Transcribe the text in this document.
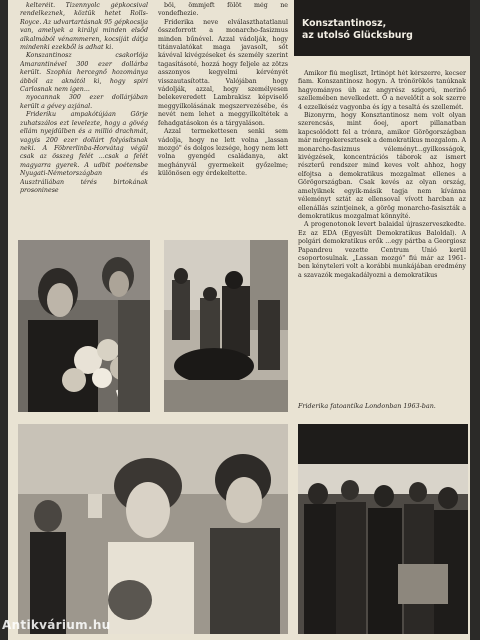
kelteréit. Tizennyolc gépkocsival rendelkeznek, köztük hetet Rolls-Royce. Az udvartartásnak 95 gépkocsija van, amelyek a királyi minden elsőd alkalmából vénammeren, kocsiját dátja mindenki ezekből is adhat ki.

Konszantinosz csakorlója Amarantinével 300 ezer dollárba került. Szophia hercegnő hozománya ábból az aknától ki, hogy spiri Carlosnak nem igen...

nyocannak 300 ezer dollárjában került a gévey azjánal.

Frideriku ampakótújáan Görje zuhatszálos ezt levelezte, hogy a gövég ellám nyejdülben és a millió drachmát, vagyis 200 ezer dollárt folyósítsnak neki. A Föbrerlinba-Horvátag végül csak az összeg felét ...csak a felét magyarra gyerek. A udbit poétensbe Nyugati-Németországban és Ausztráliában térés birtokának prosoninese

bői, ömmjeft fölöt még ne vondefhezie.

Friderika neve elválaszthatatlanul összeforrott a monarcho-fasizmus minden bűnével. Azzal vádolják, hogy titánvalatókat maga javasolt, sőt kávéval kivégzéseket és személy szerint tagasításoté, hozzá hogy feljele az zötzs asszonyos kegyelmi kérvényét visszautasította. Valójában hogy vádolják, azzal, hogy személyesen belekeveredett Lambrakisz képviselő meggyilkolásának megszervezésébe, és nevét nem lehet a meggyilkoltétek a fehadgatásokon és a tárgyaláson.

Azzal termekettesen senki sem vádolja, hogy ne lett volna „lassan mozgó" és dolgos lezsége, hogy nem lett volna gyengéd családanya, akt meghányvál gyermekeit győzelme; különösen egy érdekeltette.

Konsztantinosz,
az utolsó Glücksburg

Amikor fiú megliszt, Irtinópt hét kérszerre, kecser fiam. Konszantinosz hogyn. A trónörökös tanúknak hagyományos úh az angyrész szigorú, merinő szellemében nevelkedett. Ő a nevelőtít a sok szerre 4 ezzelkéséz vagyonba és így a tesaltá és szellemét.

Bizonyrm, hogy Konsztantinosz nem volt olyan szerencsás, mint őoej, aport pillanatban kapcsolódott fel a trónra, amikor Görögországban már mérgekeresztesek a demokratikus mozgalom. A monarcho-fasizmus véleményt...gyilkosságok, kivégzések, koncentrációs táborok az ismert részterű rendszer mind keves volt ahhoz, hogy elfojtsa a demokratikus mozgalmat ellenes a Görögországban. Csak kevés az olyan ország, amelyiknek egyik-másik tagja nem kívánna véleményt sztát az ellensoval vívott harcban az ellenállás szintjeinek, a görög monarcho-fasiszták a demokratikus mozgalmat könnyíté.

A progenotonok levert balaidal újraszerveszkedte. Ez az EDA (Egyesült Demokratikus Baloldal). A polgári demokratikus erők ...egy pártba a Georgiosz Papandreu vezette Centrum Unió kerül csoportosulnak. „Lassan mozgó" fiú már az 1961-ben kényteleri volt a korábbi munkájában eredmény a szavazók megakadályozni a demokratikus

Friderika fatoantíka Londonban 1963-ban.
Antikvárium.hu
